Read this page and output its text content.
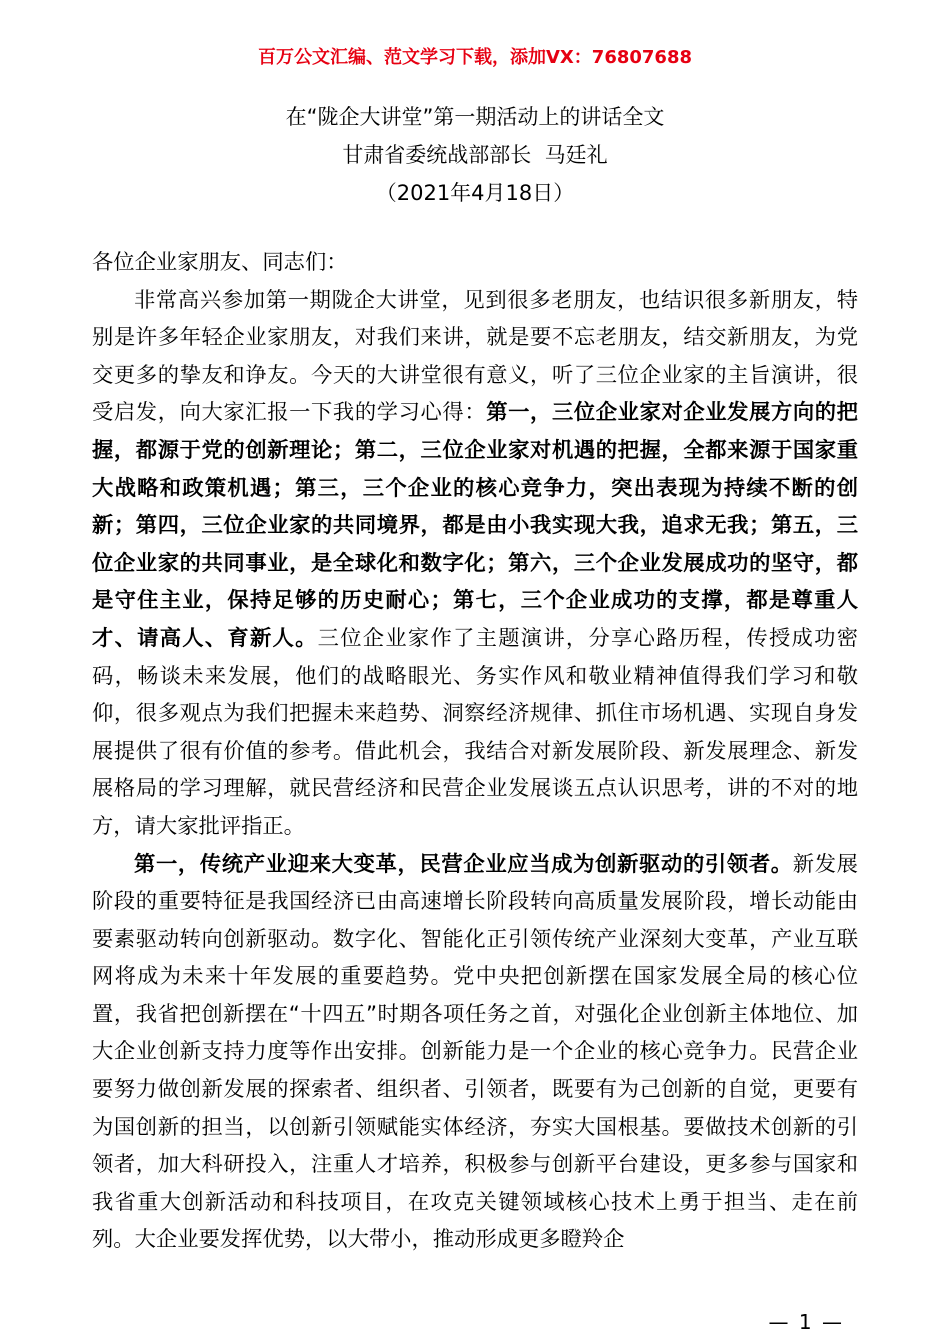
百万公文汇编、范文学习下载，添加VX：76807688
在“陇企大讲堂”第一期活动上的讲话全文
甘肃省委统战部部长  马廷礼
（2021年4月18日）

各位企业家朋友、同志们：

非常高兴参加第一期陇企大讲堂，见到很多老朋友，也结识很多新朋友，特别是许多年轻企业家朋友，对我们来讲，就是要不忘老朋友，结交新朋友，为党交更多的挚友和诤友。今天的大讲堂很有意义，听了三位企业家的主旨演讲，很受启发，向大家汇报一下我的学习心得：第一，三位企业家对企业发展方向的把握，都源于党的创新理论；第二，三位企业家对机遇的把握，全都来源于国家重大战略和政策机遇；第三，三个企业的核心竞争力，突出表现为持续不断的创新；第四，三位企业家的共同境界，都是由小我实现大我，追求无我；第五，三位企业家的共同事业，是全球化和数字化；第六，三个企业发展成功的坚守，都是守住主业，保持足够的历史耐心；第七，三个企业成功的支撑，都是尊重人才、请高人、育新人。三位企业家作了主题演讲，分享心路历程，传授成功密码，畅谈未来发展，他们的战略眼光、务实作风和敬业精神值得我们学习和敬仰，很多观点为我们把握未来趋势、洞察经济规律、抓住市场机遇、实现自身发展提供了很有价值的参考。借此机会，我结合对新发展阶段、新发展理念、新发展格局的学习理解，就民营经济和民营企业发展谈五点认识思考，讲的不对的地方，请大家批评指正。

第一，传统产业迎来大变革，民营企业应当成为创新驱动的引领者。新发展阶段的重要特征是我国经济已由高速增长阶段转向高质量发展阶段，增长动能由要素驱动转向创新驱动。数字化、智能化正引领传统产业深刻大变革，产业互联网将成为未来十年发展的重要趋势。党中央把创新摆在国家发展全局的核心位置，我省把创新摆在“十四五”时期各项任务之首，对强化企业创新主体地位、加大企业创新支持力度等作出安排。创新能力是一个企业的核心竞争力。民营企业要努力做创新发展的探索者、组织者、引领者，既要有为己创新的自觉，更要有为国创新的担当，以创新引领赋能实体经济，夯实大国根基。要做技术创新的引领者，加大科研投入，注重人才培养，积极参与创新平台建设，更多参与国家和我省重大创新活动和科技项目，在攻克关键领域核心技术上勇于担当、走在前列。大企业要发挥优势，以大带小，推动形成更多瞪羚企

— 1 —
